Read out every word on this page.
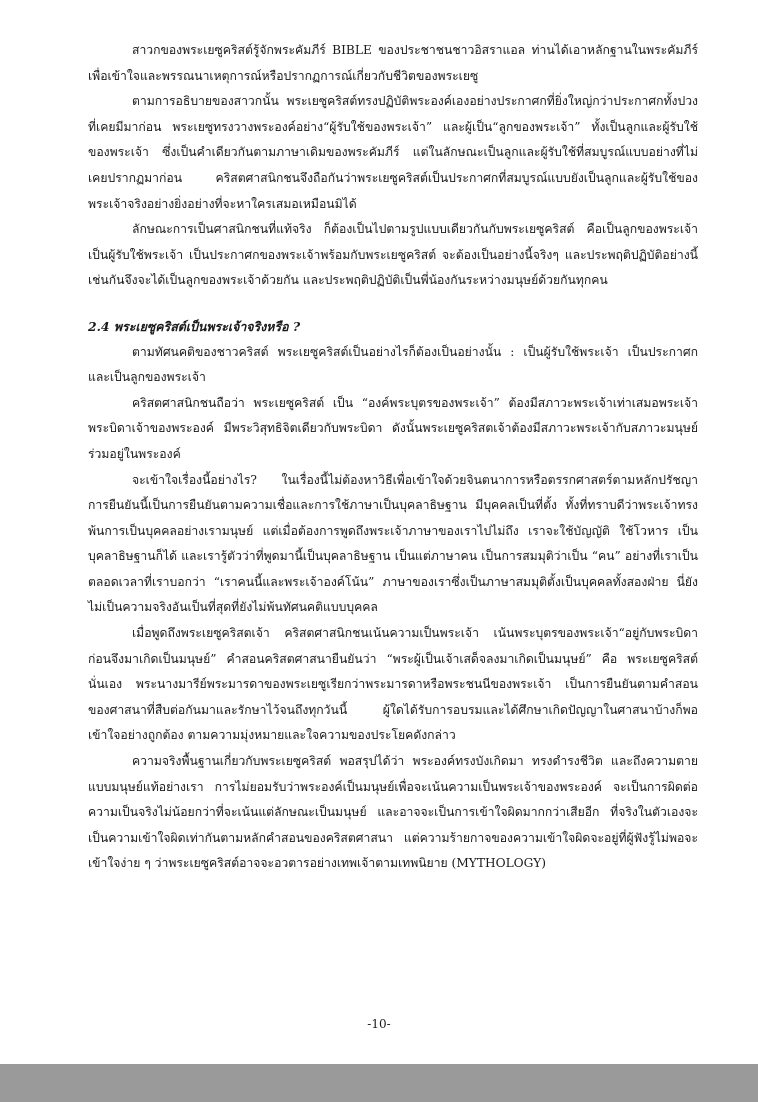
สาวกของพระเยซูคริสต์รู้จักพระคัมภีร์ BIBLE ของประชาชนชาวอิสราแอล ท่านได้เอาหลักฐานในพระคัมภีร์เพื่อเข้าใจและพรรณนาเหตุการณ์หรือปรากฏการณ์เกี่ยวกับชีวิตของพระเยซู

ตามการอธิบายของสาวกนั้น พระเยซูคริสต์ทรงปฏิบัติพระองค์เองอย่างประกาศกที่ยิ่งใหญ่กว่าประกาศกทั้งปวงที่เคยมีมาก่อน พระเยซูทรงวางพระองค์อย่าง“ผู้รับใช้ของพระเจ้า” และผู้เป็น“ลูกของพระเจ้า” ทั้งเป็นลูกและผู้รับใช้ของพระเจ้า ซึ่งเป็นคำเดียวกันตามภาษาเดิมของพระคัมภีร์ แต่ในลักษณะเป็นลูกและผู้รับใช้ที่สมบูรณ์แบบอย่างที่ไม่เคยปรากฏมาก่อน คริสตศาสนิกชนจึงถือกันว่าพระเยซูคริสต์เป็นประกาศกที่สมบูรณ์แบบยังเป็นลูกและผู้รับใช้ของพระเจ้าจริงอย่างยิ่งอย่างที่จะหาใครเสมอเหมือนมิได้

ลักษณะการเป็นศาสนิกชนที่แท้จริง ก็ต้องเป็นไปตามรูปแบบเดียวกันกับพระเยซูคริสต์ คือเป็นลูกของพระเจ้า เป็นผู้รับใช้พระเจ้า เป็นประกาศกของพระเจ้าพร้อมกับพระเยซูคริสต์ จะต้องเป็นอย่างนี้จริงๆ และประพฤติปฏิบัติอย่างนี้เช่นกันจึงจะได้เป็นลูกของพระเจ้าด้วยกัน และประพฤติปฏิบัติเป็นพี่น้องกันระหว่างมนุษย์ด้วยกันทุกคน

2.4 พระเยซูคริสต์เป็นพระเจ้าจริงหรือ ?

ตามทัศนคติของชาวคริสต์ พระเยซูคริสต์เป็นอย่างไรก็ต้องเป็นอย่างนั้น : เป็นผู้รับใช้พระเจ้า เป็นประกาศก และเป็นลูกของพระเจ้า

คริสตศาสนิกชนถือว่า พระเยซูคริสต์ เป็น “องค์พระบุตรของพระเจ้า” ต้องมีสภาวะพระเจ้าเท่าเสมอพระเจ้าพระบิดาเจ้าของพระองค์ มีพระวิสุทธิจิตเดียวกับพระบิดา ดังนั้นพระเยซูคริสตเจ้าต้องมีสภาวะพระเจ้ากับสภาวะมนุษย์ร่วมอยู่ในพระองค์

จะเข้าใจเรื่องนี้อย่างไร? ในเรื่องนี้ไม่ต้องหาวิธีเพื่อเข้าใจด้วยจินตนาการหรือตรรกศาสตร์ตามหลักปรัชญาการยืนยันนี้เป็นการยืนยันตามความเชื่อและการใช้ภาษาเป็นบุคลาธิษฐาน มีบุคคลเป็นที่ตั้ง ทั้งที่ทราบดีว่าพระเจ้าทรงพ้นการเป็นบุคคลอย่างเรามนุษย์ แต่เมื่อต้องการพูดถึงพระเจ้าภาษาของเราไปไม่ถึง เราจะใช้บัญญัติ ใช้โวหาร เป็นบุคลาธิษฐานก็ได้ และเรารู้ตัวว่าที่พูดมานี้เป็นบุคลาธิษฐาน เป็นแต่ภาษาคน เป็นการสมมุติว่าเป็น “คน” อย่างที่เราเป็น ตลอดเวลาที่เราบอกว่า “เราคนนี้และพระเจ้าองค์โน้น” ภาษาของเราซึ่งเป็นภาษาสมมุติตั้งเป็นบุคคลทั้งสองฝ่าย นี่ยังไม่เป็นความจริงอันเป็นที่สุดที่ยังไม่พ้นทัศนคติแบบบุคคล

เมื่อพูดถึงพระเยซูคริสตเจ้า คริสตศาสนิกชนเน้นความเป็นพระเจ้า เน้นพระบุตรของพระเจ้า“อยู่กับพระบิดาก่อนจึงมาเกิดเป็นมนุษย์” คำสอนคริสตศาสนายืนยันว่า “พระผู้เป็นเจ้าเสด็จลงมาเกิดเป็นมนุษย์” คือ พระเยซูคริสต์นั่นเอง พระนางมารีย์พระมารดาของพระเยซูเรียกว่าพระมารดาหรือพระชนนีของพระเจ้า เป็นการยืนยันตามคำสอนของศาสนาที่สืบต่อกันมาและรักษาไว้จนถึงทุกวันนี้ ผู้ใดได้รับการอบรมและได้ศึกษาเกิดปัญญาในศาสนาบ้างก็พอเข้าใจอย่างถูกต้อง ตามความมุ่งหมายและใจความของประโยคดังกล่าว

ความจริงพื้นฐานเกี่ยวกับพระเยซูคริสต์ พอสรุปได้ว่า พระองค์ทรงบังเกิดมา ทรงดำรงชีวิต และถึงความตายแบบมนุษย์แท้อย่างเรา การไม่ยอมรับว่าพระองค์เป็นมนุษย์เพื่อจะเน้นความเป็นพระเจ้าของพระองค์ จะเป็นการผิดต่อความเป็นจริงไม่น้อยกว่าที่จะเน้นแต่ลักษณะเป็นมนุษย์ และอาจจะเป็นการเข้าใจผิดมากกว่าเสียอีก ที่จริงในตัวเองจะเป็นความเข้าใจผิดเท่ากันตามหลักคำสอนของคริสตศาสนา แต่ความร้ายกาจของความเข้าใจผิดจะอยู่ที่ผู้ฟังรู้ไม่พอจะเข้าใจง่าย ๆ ว่าพระเยซูคริสต์อาจจะอวตารอย่างเทพเจ้าตามเทพนิยาย (MYTHOLOGY)

-10-
